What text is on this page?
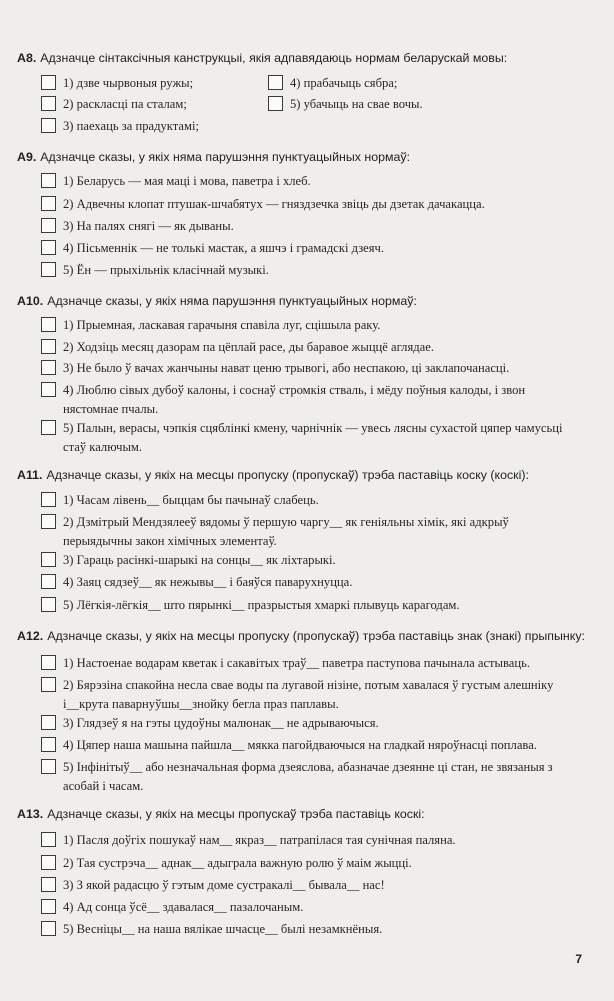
А8. Адзначце сінтаксічныя канструкцыі, якія адпавядаюць нормам беларускай мовы:
1) дзве чырвоныя ружы;
2) раскласці па сталам;
3) паехаць за прадуктамі;
4) прабачыць сябра;
5) убачыць на свае вочы.
А9. Адзначце сказы, у якіх няма парушэння пунктуацыйных нормаў:
1) Беларусь — мая маці і мова, паветра і хлеб.
2) Адвечны клопат птушак-шчабятух — гняздзечка звіць ды дзетак дачакацца.
3) На палях снягі — як дываны.
4) Пісьменнік — не толькі мастак, а яшчэ і грамадскі дзеяч.
5) Ён — прыхільнік класічнай музыкі.
А10. Адзначце сказы, у якіх няма парушэння пунктуацыйных нормаў:
1) Прыемная, ласкавая гарачыня спавіла луг, сцішыла раку.
2) Ходзіць месяц дазорам па цёплай расе, ды баравое жыццё аглядае.
3) Не было ў вачах жанчыны нават ценю трывогі, або неспакою, ці заклапочанасці.
4) Люблю сівых дубоў калоны, і соснаў стромкія стваль, і мёду поўныя калоды, і звон нястомнае пчалы.
5) Палын, верасы, чэпкія сцяблінкі кмену, чарнічнік — увесь лясны сухастой цяпер чамусьці стаў калючым.
А11. Адзначце сказы, у якіх на месцы пропуску (пропускаў) трэба паставіць коску (коскі):
1) Часам лівень__ быццам бы пачынаў слабець.
2) Дзмітрый Мендзялееў вядомы ў першую чаргу__ як геніяльны хімік, які адкрыў перыядычны закон хімічных элементаў.
3) Гараць расінкі-шарыкі на сонцы__ як ліхтарыкі.
4) Заяц сядзеў__ як нежывы__ і баяўся паварухнуцца.
5) Лёгкія-лёгкія__ што пярынкі__ празрыстыя хмаркі плывуць карагодам.
А12. Адзначце сказы, у якіх на месцы пропуску (пропускаў) трэба паставіць знак (знакі) прыпынку:
1) Настоенае водарам кветак і сакавітых траў__ паветра паступова пачынала астываць.
2) Бярэзіна спакойна несла свае воды па лугавой нізіне, потым хавалася ў густым алешніку і__крута паварнуўшы__знойку бегла праз паплавы.
3) Глядзеў я на гэты цудоўны малюнак__ не адрываючыся.
4) Цяпер наша машына пайшла__ мякка пагойдваючыся на гладкай няроўнасці поплава.
5) Інфінітыў__ або незначальная форма дзеяслова, абазначае дзеянне ці стан, не звязаныя з асобай і часам.
А13. Адзначце сказы, у якіх на месцы пропускаў трэба паставіць коскі:
1) Пасля доўгіх пошукаў нам__ якраз__ патрапілася тая сунічная паляна.
2) Тая сустрэча__ аднак__ адыграла важную ролю ў маім жыцці.
3) З якой радасцю ў гэтым доме сустракалі__ бывала__ нас!
4) Ад сонца ўсё__ здавалася__ пазалочаным.
5) Весніцы__ на наша вялікае шчасце__ былі незамкнёныя.
7
